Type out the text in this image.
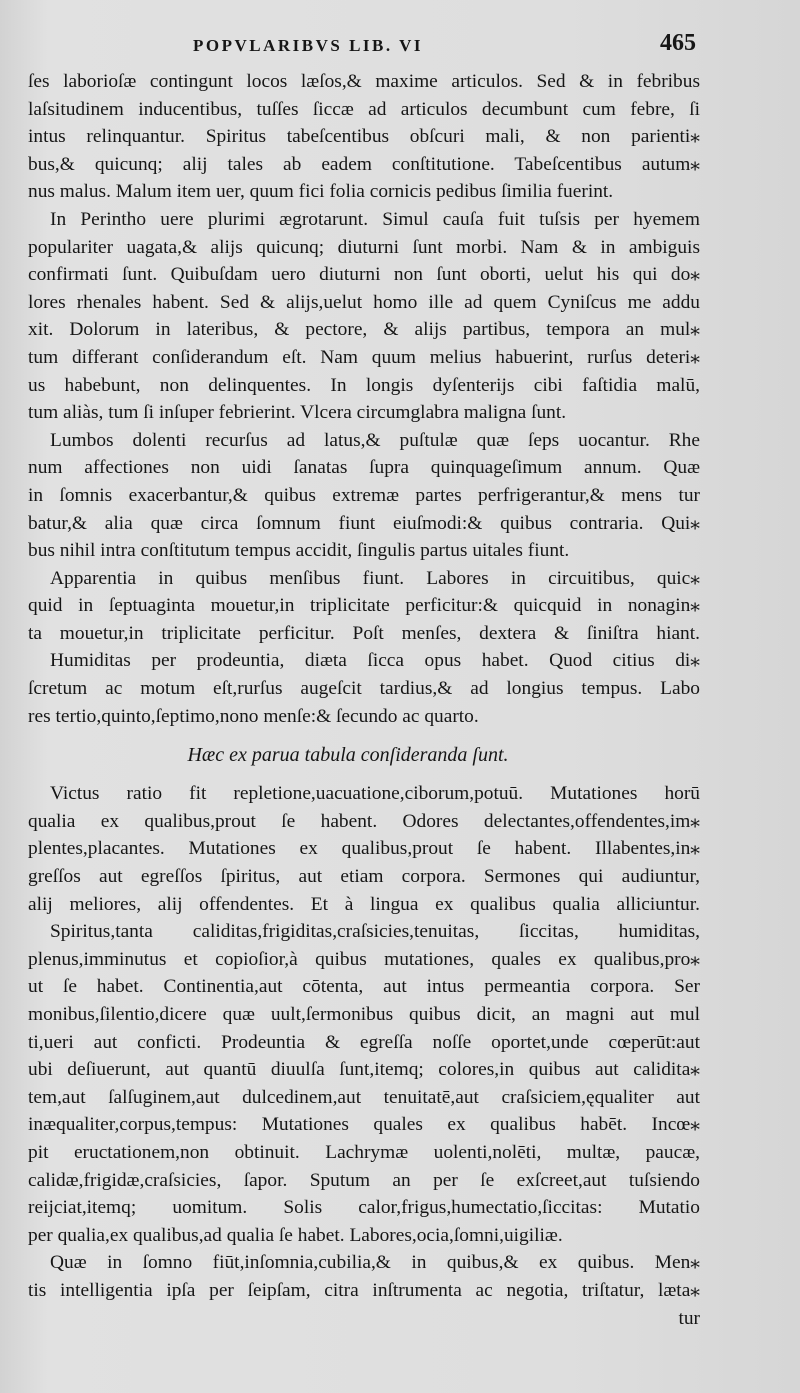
POPVLARIBVS LIB. VI	465
ſes laborioſæ contingunt locos læſos,& maxime articulos. Sed & in febribus
laſsitudinem inducentibus, tuſſes ſiccæ ad articulos decumbunt cum febre, ſi
intus relinquantur. Spiritus tabeſcentibus obſcuri mali, & non parienti⁎
bus,& quicunq; alij tales ab eadem conſtitutione. Tabeſcentibus autum⁎
nus malus. Malum item uer, quum fici folia cornicis pedibus ſimilia fuerint.
In Perintho uere plurimi ægrotarunt. Simul cauſa fuit tuſsis per hyemem
populariter uagata,& alijs quicunq; diuturni ſunt morbi. Nam & in ambiguis
confirmati ſunt. Quibuſdam uero diuturni non ſunt oborti, uelut his qui do⁎
lores rhenales habent. Sed & alijs,uelut homo ille ad quem Cyniſcus me addu
xit. Dolorum in lateribus, & pectore, & alijs partibus, tempora an mul⁎
tum differant conſiderandum eſt. Nam quum melius habuerint, rurſus deteri⁎
us habebunt, non delinquentes. In longis dyſenterijs cibi faſtidia malū,
tum aliàs, tum ſi inſuper febrierint. Vlcera circumglabra maligna ſunt.
Lumbos dolenti recurſus ad latus,& puſtulæ quæ ſeps uocantur. Rhe
num affectiones non uidi ſanatas ſupra quinquageſimum annum. Quæ
in ſomnis exacerbantur,& quibus extremæ partes perfrigerantur,& mens tur
batur,& alia quæ circa ſomnum fiunt eiuſmodi:& quibus contraria. Qui⁎
bus nihil intra conſtitutum tempus accidit, ſingulis partus uitales fiunt.
Apparentia in quibus menſibus fiunt. Labores in circuitibus, quic⁎
quid in ſeptuaginta mouetur,in triplicitate perficitur:& quicquid in nonagin⁎
ta mouetur,in triplicitate perficitur. Poſt menſes, dextera & ſiniſtra hiant.
Humiditas per prodeuntia, diæta ſicca opus habet. Quod citius di⁎
ſcretum ac motum eſt,rurſus augeſcit tardius,& ad longius tempus. Labo
res tertio,quinto,ſeptimo,nono menſe:& ſecundo ac quarto.
Hæc ex parua tabula conſideranda ſunt.
Victus ratio fit repletione,uacuatione,ciborum,potuū. Mutationes horū
qualia ex qualibus,prout ſe habent. Odores delectantes,offendentes,im⁎
plentes,placantes. Mutationes ex qualibus,prout ſe habent. Illabentes,in⁎
greſſos aut egreſſos ſpiritus, aut etiam corpora. Sermones qui audiuntur,
alij meliores, alij offendentes. Et à lingua ex qualibus qualia alliciuntur.
Spiritus,tanta caliditas,frigiditas,craſsicies,tenuitas, ſiccitas, humiditas,
plenus,imminutus et copioſior,à quibus mutationes, quales ex qualibus,pro⁎
ut ſe habet. Continentia,aut cōtenta, aut intus permeantia corpora. Ser
monibus,ſilentio,dicere quæ uult,ſermonibus quibus dicit, an magni aut mul
ti,ueri aut conficti. Prodeuntia & egreſſa noſſe oportet,unde cœperūt:aut
ubi deſiuerunt, aut quantū diuulſa ſunt,itemq; colores,in quibus aut calidita⁎
tem,aut ſalſuginem,aut dulcedinem,aut tenuitatē,aut craſsiciem,ęqualiter aut
inæqualiter,corpus,tempus: Mutationes quales ex qualibus habēt. Incœ⁎
pit eructationem,non obtinuit. Lachrymæ uolenti,nolēti, multæ, paucæ,
calidæ,frigidæ,craſsicies, ſapor. Sputum an per ſe exſcreet,aut tuſsiendo
reijciat,itemq; uomitum. Solis calor,frigus,humectatio,ſiccitas: Mutatio
per qualia,ex qualibus,ad qualia ſe habet. Labores,ocia,ſomni,uigiliæ.
Quæ in ſomno fiūt,inſomnia,cubilia,& in quibus,& ex quibus. Men⁎
tis intelligentia ipſa per ſeipſam, citra inſtrumenta ac negotia, triſtatur, læta⁎
tur
